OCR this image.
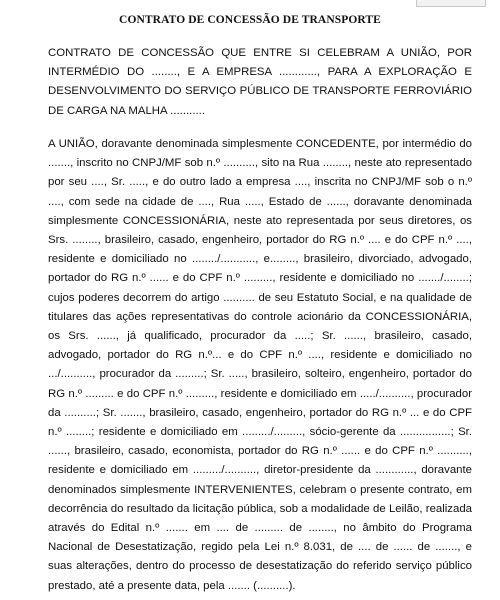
CONTRATO DE CONCESSÃO DE TRANSPORTE

CONTRATO DE CONCESSÃO QUE ENTRE SI CELEBRAM A UNIÃO, POR INTERMÉDIO DO ........, E A EMPRESA ............, PARA A EXPLORAÇÃO E DESENVOLVIMENTO DO SERVIÇO PÚBLICO DE TRANSPORTE FERROVIÁRIO DE CARGA NA MALHA ...........

A UNIÃO, doravante denominada simplesmente CONCEDENTE, por intermédio do ......., inscrito no CNPJ/MF sob n.º .........., sito na Rua ........, neste ato representado por seu ...., Sr. ....., e do outro lado a empresa ...., inscrita no CNPJ/MF sob o n.º ...., com sede na cidade de ...., Rua ....., Estado de ......, doravante denominada simplesmente CONCESSIONÁRIA, neste ato representada por seus diretores, os Srs. ........, brasileiro, casado, engenheiro, portador do RG n.º .... e do CPF n.º ...., residente e domiciliado no ......../..........., e........, brasileiro, divorciado, advogado, portador do RG n.º ...... e do CPF n.º ........., residente e domiciliado no ......./........; cujos poderes decorrem do artigo .......... de seu Estatuto Social, e na qualidade de titulares das ações representativas do controle acionário da CONCESSIONÁRIA, os Srs. ......, já qualificado, procurador da .....; Sr. ......, brasileiro, casado, advogado, portador do RG n.º... e do CPF n.º ...., residente e domiciliado no .../.........., procurador da .........; Sr. ....., brasileiro, solteiro, engenheiro, portador do RG n.º ......... e do CPF n.º ........., residente e domiciliado em ...../.........., procurador da ..........; Sr. ......., brasileiro, casado, engenheiro, portador do RG n.º ... e do CPF n.º ........; residente e domiciliado em ........./........., sócio-gerente da ................; Sr. ......, brasileiro, casado, economista, portador do RG n.º ...... e do CPF n.º .........., residente e domiciliado em ........./.........., diretor-presidente da ............, doravante denominados simplesmente INTERVENIENTES, celebram o presente contrato, em decorrência do resultado da licitação pública, sob a modalidade de Leilão, realizada através do Edital n.º ....... em .... de ......... de ........, no âmbito do Programa Nacional de Desestatização, regido pela Lei n.º 8.031, de .... de ...... de ......., e suas alterações, dentro do processo de desestatização do referido serviço público prestado, até a presente data, pela ....... (..........).
